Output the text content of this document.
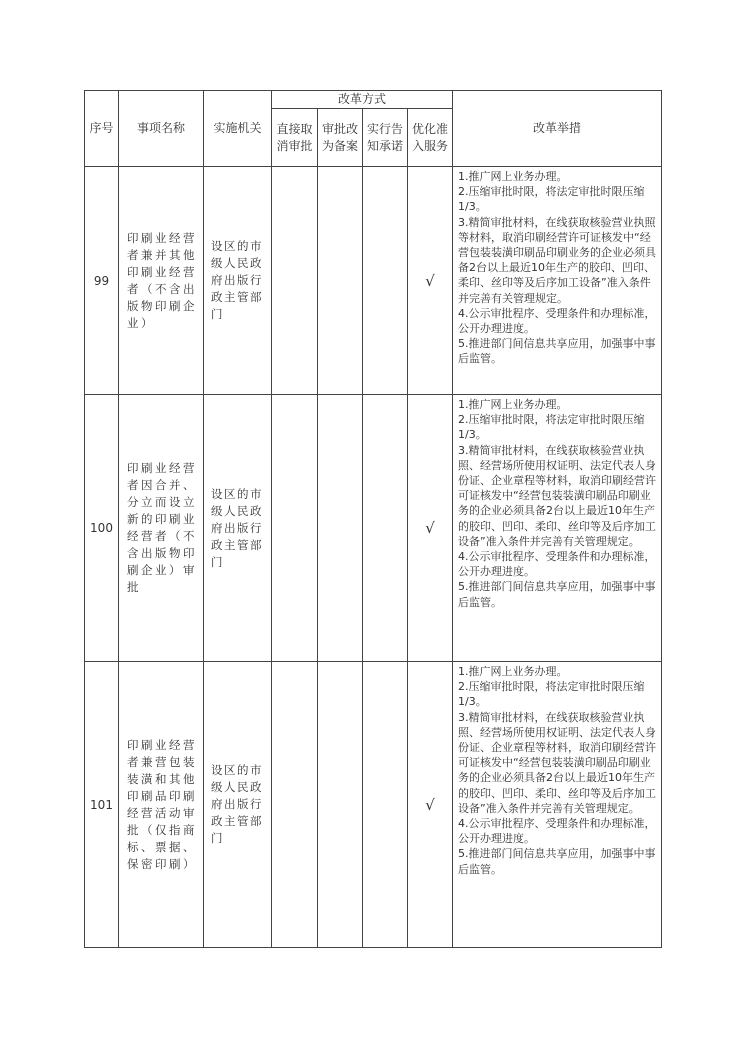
序号	事项名称	实施机关	改革方式				改革举措
			直接取消审批	审批改为备案	实行告知承诺	优化准入服务	
99	印刷业经营者兼并其他印刷业经营者（不含出版物印刷企业）	设区的市级人民政府出版行政主管部门				√	1.推广网上业务办理。
2.压缩审批时限，将法定审批时限压缩1/3。
3.精简审批材料，在线获取核验营业执照等材料，取消印刷经营许可证核发中“经营包装装潢印刷品印刷业务的企业必须具备2台以上最近10年生产的胶印、凹印、柔印、丝印等及后序加工设备”准入条件并完善有关管理规定。
4.公示审批程序、受理条件和办理标准，公开办理进度。
5.推进部门间信息共享应用，加强事中事后监管。

100	印刷业经营者因合并、分立而设立新的印刷业经营者（不含出版物印刷企业）审批	设区的市级人民政府出版行政主管部门				√	1.推广网上业务办理。
2.压缩审批时限，将法定审批时限压缩1/3。
3.精简审批材料，在线获取核验营业执照、经营场所使用权证明、法定代表人身份证、企业章程等材料，取消印刷经营许可证核发中“经营包装装潢印刷品印刷业务的企业必须具备2台以上最近10年生产的胶印、凹印、柔印、丝印等及后序加工设备”准入条件并完善有关管理规定。
4.公示审批程序、受理条件和办理标准，公开办理进度。
5.推进部门间信息共享应用，加强事中事后监管。

101	印刷业经营者兼营包装装潢和其他印刷品印刷经营活动审批（仅指商标、票据、保密印刷）	设区的市级人民政府出版行政主管部门				√	1.推广网上业务办理。
2.压缩审批时限，将法定审批时限压缩1/3。
3.精简审批材料，在线获取核验营业执照、经营场所使用权证明、法定代表人身份证、企业章程等材料，取消印刷经营许可证核发中“经营包装装潢印刷品印刷业务的企业必须具备2台以上最近10年生产的胶印、凹印、柔印、丝印等及后序加工设备”准入条件并完善有关管理规定。
4.公示审批程序、受理条件和办理标准，公开办理进度。
5.推进部门间信息共享应用，加强事中事后监管。
